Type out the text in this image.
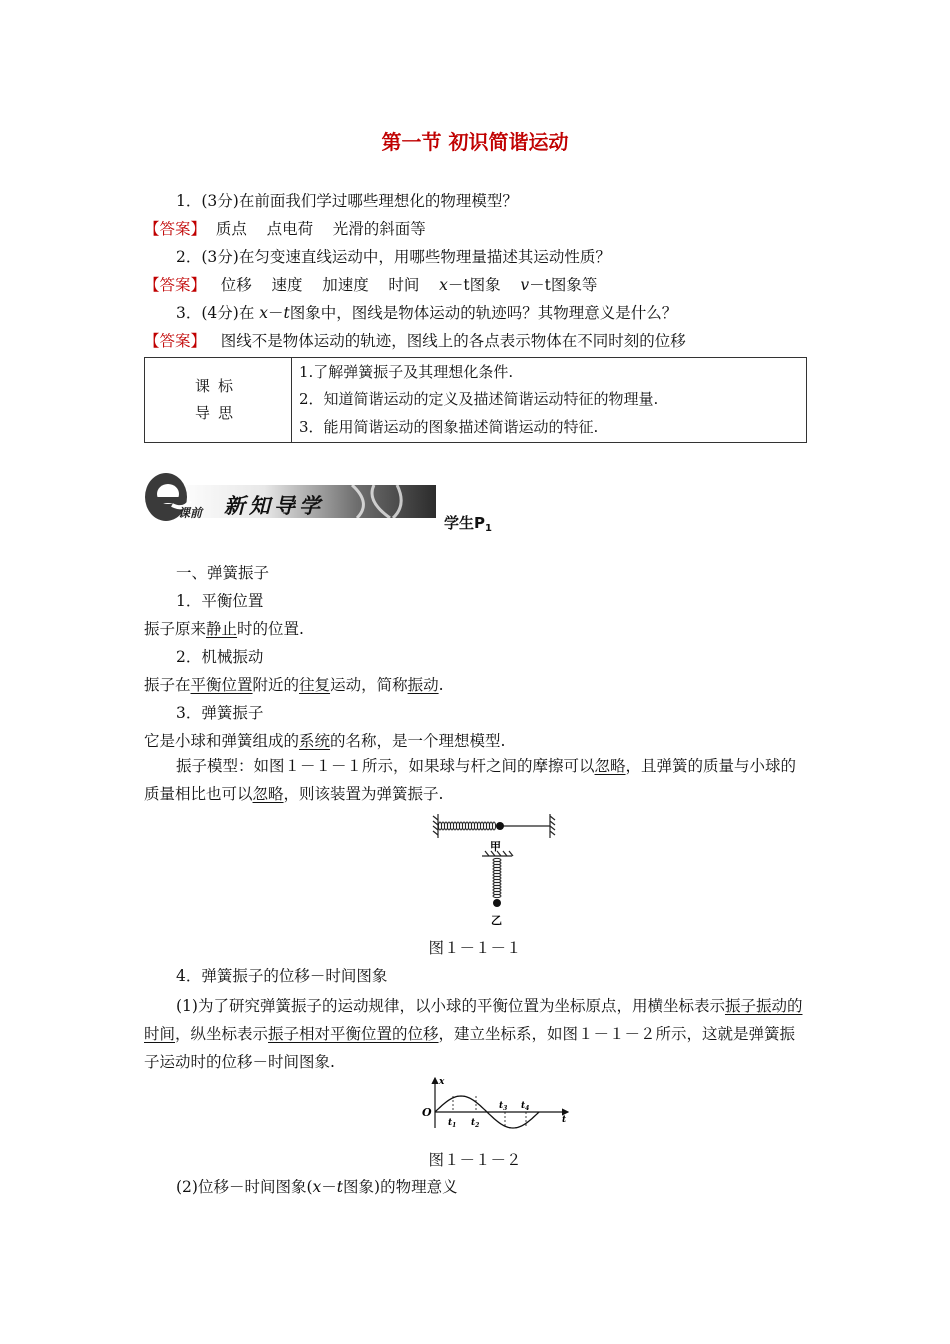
第一节 初识简谐运动
1．(3分)在前面我们学过哪些理想化的物理模型？
【答案】 质点    点电荷    光滑的斜面等
2．(3分)在匀变速直线运动中，用哪些物理量描述其运动性质？
【答案】 位移    速度    加速度    时间    x－t图象    v－t图象等
3．(4分)在 x－t图象中，图线是物体运动的轨迹吗？其物理意义是什么？
【答案】 图线不是物体运动的轨迹，图线上的各点表示物体在不同时刻的位移
课标
导思

1.了解弹簧振子及其理想化条件.
2．知道简谐运动的定义及描述简谐运动特征的物理量.
3．能用简谐运动的图象描述简谐运动的特征.
课前 新知导学
学生$P_1$
一、弹簧振子
1．平衡位置
振子原来静止时的位置.
2．机械振动
振子在平衡位置附近的往复运动，简称振动.
3．弹簧振子
它是小球和弹簧组成的系统的名称，是一个理想模型.
振子模型：如图１－１－１所示，如果球与杆之间的摩擦可以忽略，且弹簧的质量与小球的质量相比也可以忽略，则该装置为弹簧振子.
甲
乙
图１－１－１
4．弹簧振子的位移－时间图象
(1)为了研究弹簧振子的运动规律，以小球的平衡位置为坐标原点，用横坐标表示振子振动的时间，纵坐标表示振子相对平衡位置的位移，建立坐标系，如图１－１－２所示，这就是弹簧振子运动时的位移－时间图象.
x
t
O
$t_1$ $t_2$
$t_3$ $t_4$
图１－１－２
(2)位移－时间图象(x－t图象)的物理意义
